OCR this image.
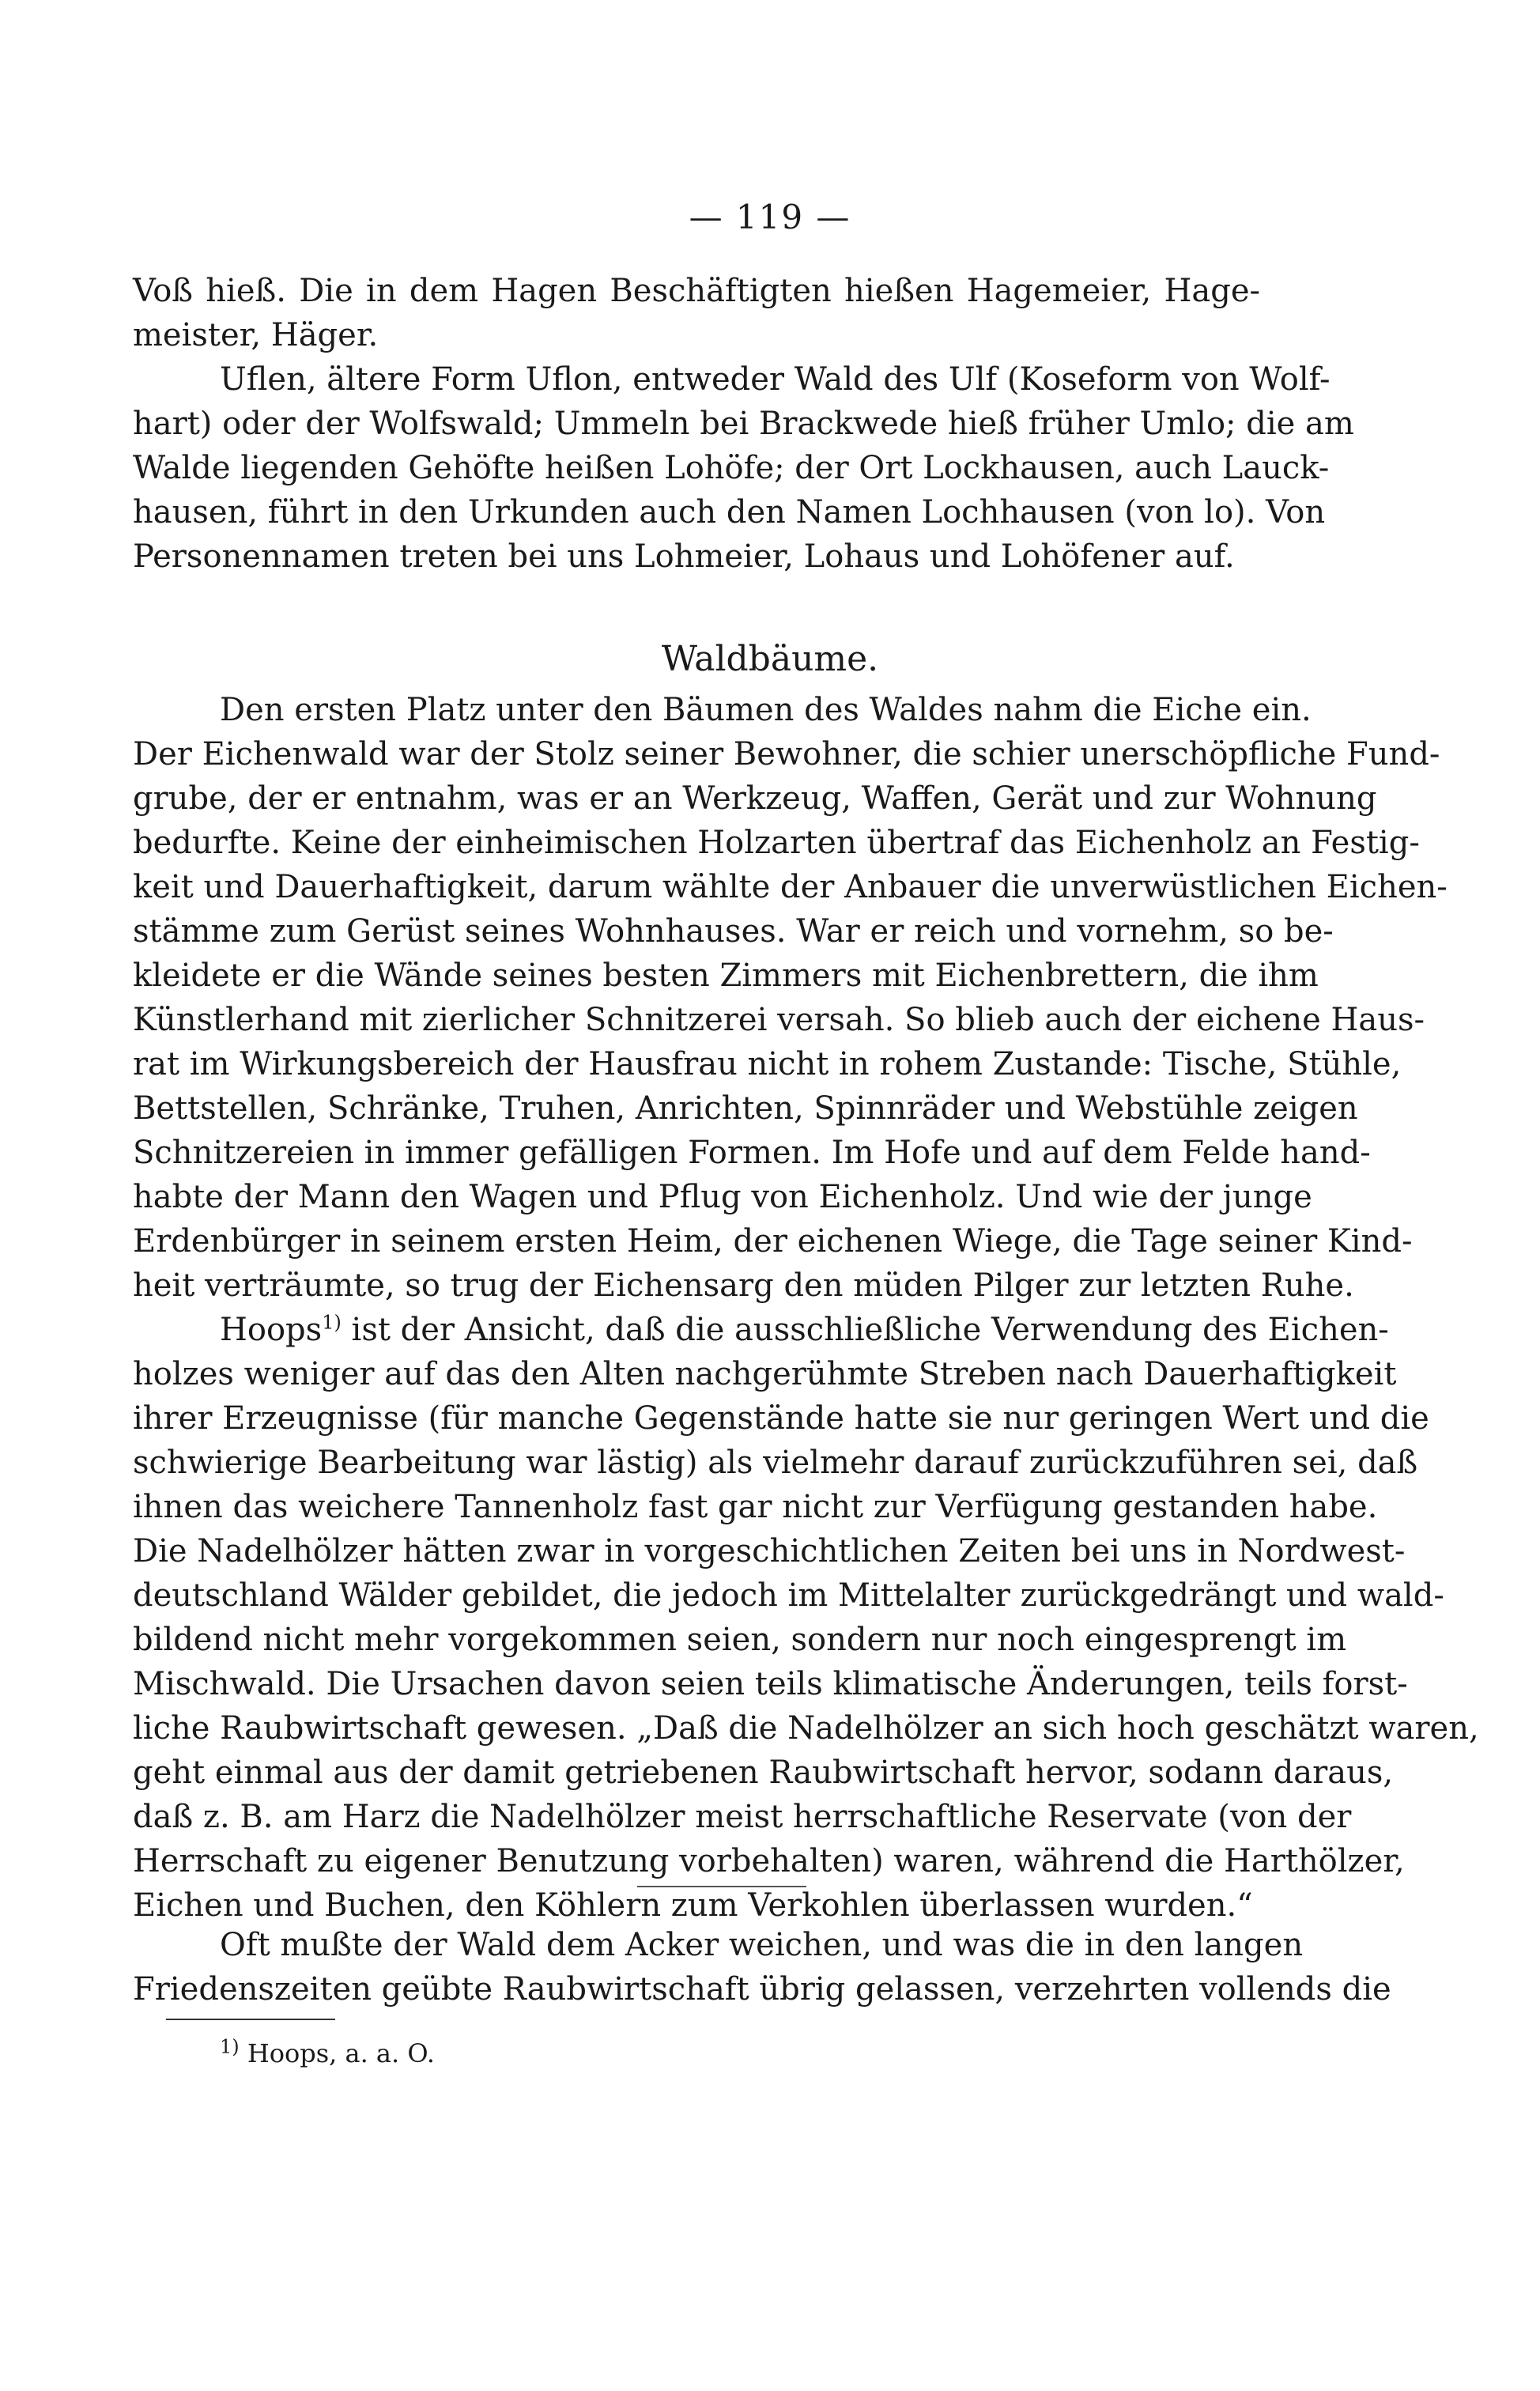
— 119 —
Voß hieß. Die in dem Hagen Beschäftigten hießen Hagemeier, Hage-
meister, Häger.
Uflen, ältere Form Uflon, entweder Wald des Ulf (Koseform von Wolf-
hart) oder der Wolfswald; Ummeln bei Brackwede hieß früher Umlo; die am
Walde liegenden Gehöfte heißen Lohöfe; der Ort Lockhausen, auch Lauck-
hausen, führt in den Urkunden auch den Namen Lochhausen (von lo). Von
Personennamen treten bei uns Lohmeier, Lohaus und Lohöfener auf.
Waldbäume.
Den ersten Platz unter den Bäumen des Waldes nahm die Eiche ein.
Der Eichenwald war der Stolz seiner Bewohner, die schier unerschöpfliche Fund-
grube, der er entnahm, was er an Werkzeug, Waffen, Gerät und zur Wohnung
bedurfte. Keine der einheimischen Holzarten übertraf das Eichenholz an Festig-
keit und Dauerhaftigkeit, darum wählte der Anbauer die unverwüstlichen Eichen-
stämme zum Gerüst seines Wohnhauses. War er reich und vornehm, so be-
kleidete er die Wände seines besten Zimmers mit Eichenbrettern, die ihm
Künstlerhand mit zierlicher Schnitzerei versah. So blieb auch der eichene Haus-
rat im Wirkungsbereich der Hausfrau nicht in rohem Zustande: Tische, Stühle,
Bettstellen, Schränke, Truhen, Anrichten, Spinnräder und Webstühle zeigen
Schnitzereien in immer gefälligen Formen. Im Hofe und auf dem Felde hand-
habte der Mann den Wagen und Pflug von Eichenholz. Und wie der junge
Erdenbürger in seinem ersten Heim, der eichenen Wiege, die Tage seiner Kind-
heit verträumte, so trug der Eichensarg den müden Pilger zur letzten Ruhe.
Hoops$^{1)}$ ist der Ansicht, daß die ausschließliche Verwendung des Eichen-
holzes weniger auf das den Alten nachgerühmte Streben nach Dauerhaftigkeit
ihrer Erzeugnisse (für manche Gegenstände hatte sie nur geringen Wert und die
schwierige Bearbeitung war lästig) als vielmehr darauf zurückzuführen sei, daß
ihnen das weichere Tannenholz fast gar nicht zur Verfügung gestanden habe.
Die Nadelhölzer hätten zwar in vorgeschichtlichen Zeiten bei uns in Nordwest-
deutschland Wälder gebildet, die jedoch im Mittelalter zurückgedrängt und wald-
bildend nicht mehr vorgekommen seien, sondern nur noch eingesprengt im
Mischwald. Die Ursachen davon seien teils klimatische Änderungen, teils forst-
liche Raubwirtschaft gewesen. „Daß die Nadelhölzer an sich hoch geschätzt waren,
geht einmal aus der damit getriebenen Raubwirtschaft hervor, sodann daraus,
daß z. B. am Harz die Nadelhölzer meist herrschaftliche Reservate (von der
Herrschaft zu eigener Benutzung vorbehalten) waren, während die Harthölzer,
Eichen und Buchen, den Köhlern zum Verkohlen überlassen wurden.“
Oft mußte der Wald dem Acker weichen, und was die in den langen
Friedenszeiten geübte Raubwirtschaft übrig gelassen, verzehrten vollends die
$^{1)}$ Hoops, a. a. O.
